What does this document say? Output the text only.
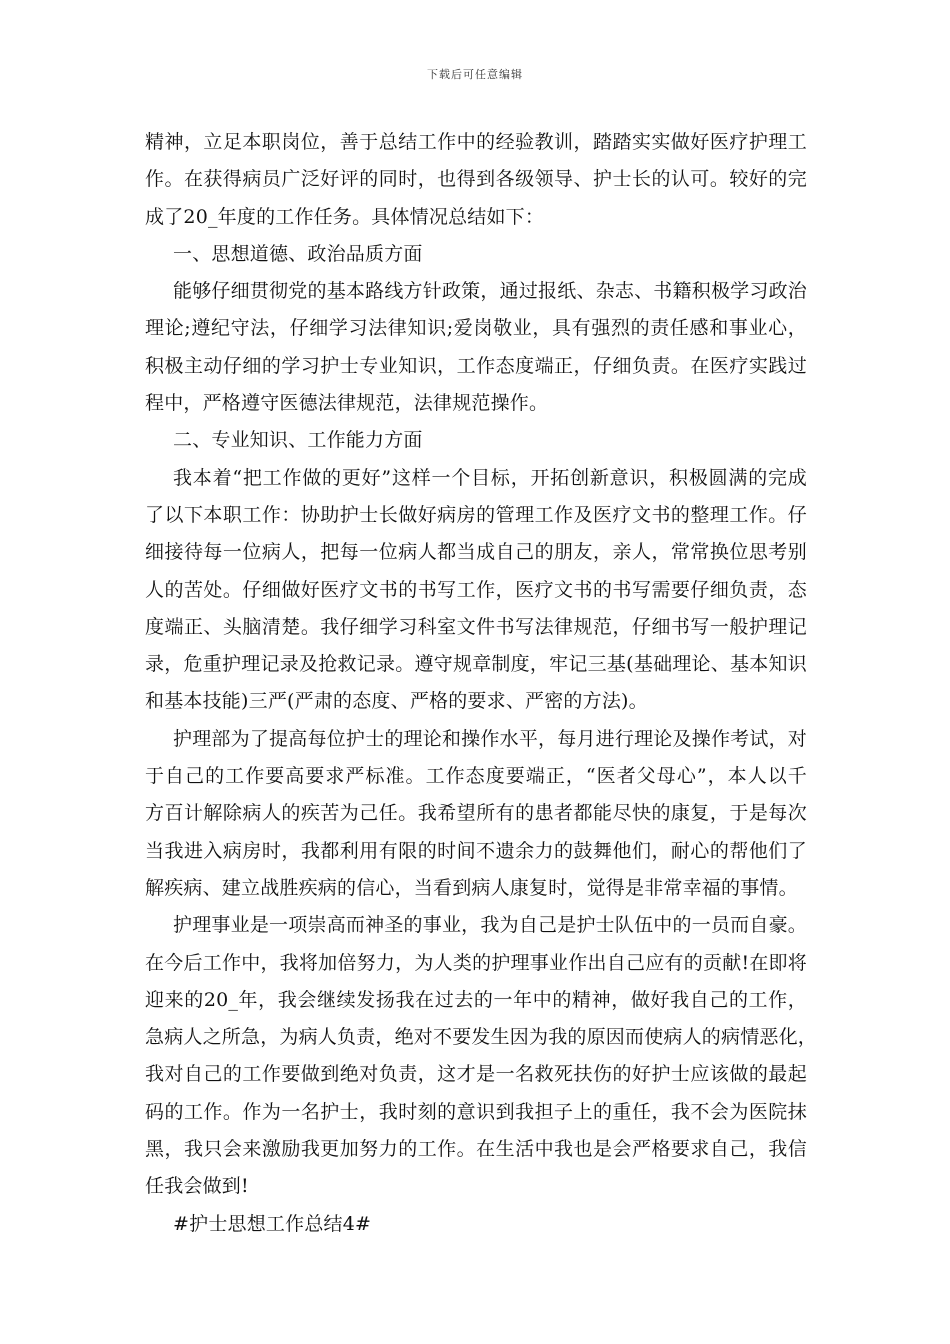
下载后可任意编辑
精神，立足本职岗位，善于总结工作中的经验教训，踏踏实实做好医疗护理工
作。在获得病员广泛好评的同时，也得到各级领导、护士长的认可。较好的完
成了20_年度的工作任务。具体情况总结如下：
一、思想道德、政治品质方面
能够仔细贯彻党的基本路线方针政策，通过报纸、杂志、书籍积极学习政治
理论;遵纪守法，仔细学习法律知识;爱岗敬业，具有强烈的责任感和事业心，
积极主动仔细的学习护士专业知识，工作态度端正，仔细负责。在医疗实践过
程中，严格遵守医德法律规范，法律规范操作。
二、专业知识、工作能力方面
我本着“把工作做的更好”这样一个目标，开拓创新意识，积极圆满的完成
了以下本职工作：协助护士长做好病房的管理工作及医疗文书的整理工作。仔
细接待每一位病人，把每一位病人都当成自己的朋友，亲人，常常换位思考别
人的苦处。仔细做好医疗文书的书写工作，医疗文书的书写需要仔细负责，态
度端正、头脑清楚。我仔细学习科室文件书写法律规范，仔细书写一般护理记
录，危重护理记录及抢救记录。遵守规章制度，牢记三基(基础理论、基本知识
和基本技能)三严(严肃的态度、严格的要求、严密的方法)。
护理部为了提高每位护士的理论和操作水平，每月进行理论及操作考试，对
于自己的工作要高要求严标准。工作态度要端正，“医者父母心”，本人以千
方百计解除病人的疾苦为己任。我希望所有的患者都能尽快的康复，于是每次
当我进入病房时，我都利用有限的时间不遗余力的鼓舞他们，耐心的帮他们了
解疾病、建立战胜疾病的信心，当看到病人康复时，觉得是非常幸福的事情。
护理事业是一项崇高而神圣的事业，我为自己是护士队伍中的一员而自豪。
在今后工作中，我将加倍努力，为人类的护理事业作出自己应有的贡献!在即将
迎来的20_年，我会继续发扬我在过去的一年中的精神，做好我自己的工作，
急病人之所急，为病人负责，绝对不要发生因为我的原因而使病人的病情恶化，
我对自己的工作要做到绝对负责，这才是一名救死扶伤的好护士应该做的最起
码的工作。作为一名护士，我时刻的意识到我担子上的重任，我不会为医院抹
黑，我只会来激励我更加努力的工作。在生活中我也是会严格要求自己，我信
任我会做到!
#护士思想工作总结4#
